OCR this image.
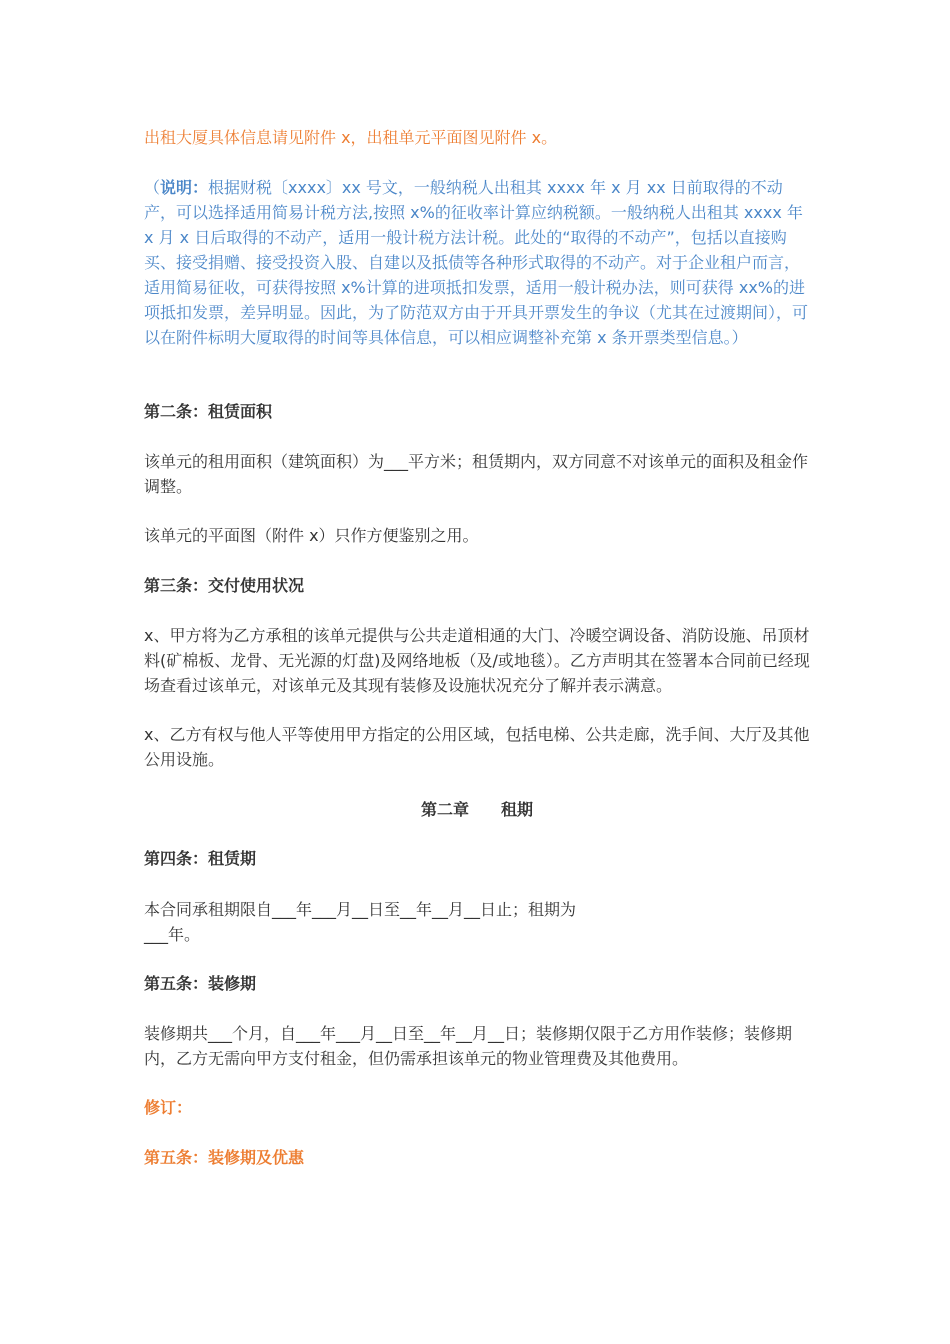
出租大厦具体信息请见附件 x，出租单元平面图见附件 x。

（说明：根据财税〔xxxx〕xx 号文，一般纳税人出租其 xxxx 年 x 月 xx 日前取得的不动产，可以选择适用简易计税方法,按照 x%的征收率计算应纳税额。一般纳税人出租其 xxxx 年 x 月 x 日后取得的不动产，适用一般计税方法计税。此处的“取得的不动产”，包括以直接购买、接受捐赠、接受投资入股、自建以及抵债等各种形式取得的不动产。对于企业租户而言，适用简易征收，可获得按照 x%计算的进项抵扣发票，适用一般计税办法，则可获得 xx%的进项抵扣发票，差异明显。因此，为了防范双方由于开具开票发生的争议（尤其在过渡期间），可以在附件标明大厦取得的时间等具体信息，可以相应调整补充第 x 条开票类型信息。）

第二条：租赁面积

该单元的租用面积（建筑面积）为___平方米；租赁期内，双方同意不对该单元的面积及租金作调整。

该单元的平面图（附件 x）只作方便鉴别之用。

第三条：交付使用状况

x、甲方将为乙方承租的该单元提供与公共走道相通的大门、冷暖空调设备、消防设施、吊顶材料(矿棉板、龙骨、无光源的灯盘)及网络地板（及/或地毯）。乙方声明其在签署本合同前已经现场查看过该单元，对该单元及其现有装修及设施状况充分了解并表示满意。

x、乙方有权与他人平等使用甲方指定的公用区域，包括电梯、公共走廊，洗手间、大厅及其他公用设施。

第二章 租期

第四条：租赁期

本合同承租期限自___年___月__日至__年__月__日止；租期为

___年。

第五条：装修期

装修期共___个月，自___年___月__日至__年__月__日；装修期仅限于乙方用作装修；装修期内，乙方无需向甲方支付租金，但仍需承担该单元的物业管理费及其他费用。

修订：

第五条：装修期及优惠
